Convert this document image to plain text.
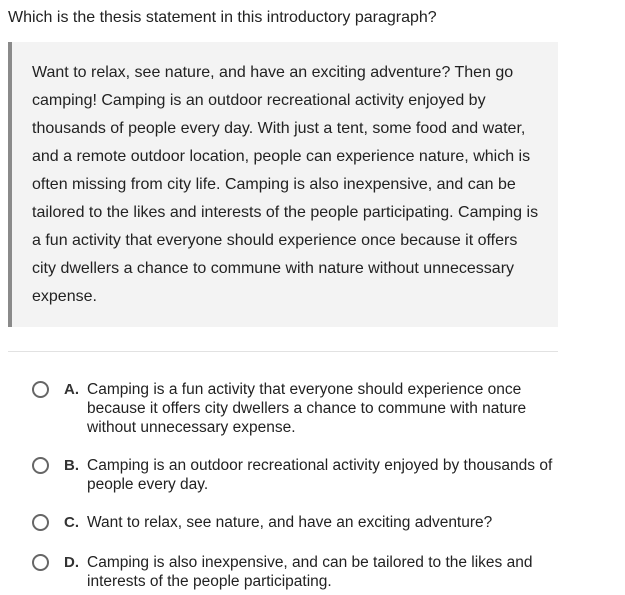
Which is the thesis statement in this introductory paragraph?
Want to relax, see nature, and have an exciting adventure? Then go camping! Camping is an outdoor recreational activity enjoyed by thousands of people every day. With just a tent, some food and water, and a remote outdoor location, people can experience nature, which is often missing from city life. Camping is also inexpensive, and can be tailored to the likes and interests of the people participating. Camping is a fun activity that everyone should experience once because it offers city dwellers a chance to commune with nature without unnecessary expense.
A. Camping is a fun activity that everyone should experience once because it offers city dwellers a chance to commune with nature without unnecessary expense.
B. Camping is an outdoor recreational activity enjoyed by thousands of people every day.
C. Want to relax, see nature, and have an exciting adventure?
D. Camping is also inexpensive, and can be tailored to the likes and interests of the people participating.
